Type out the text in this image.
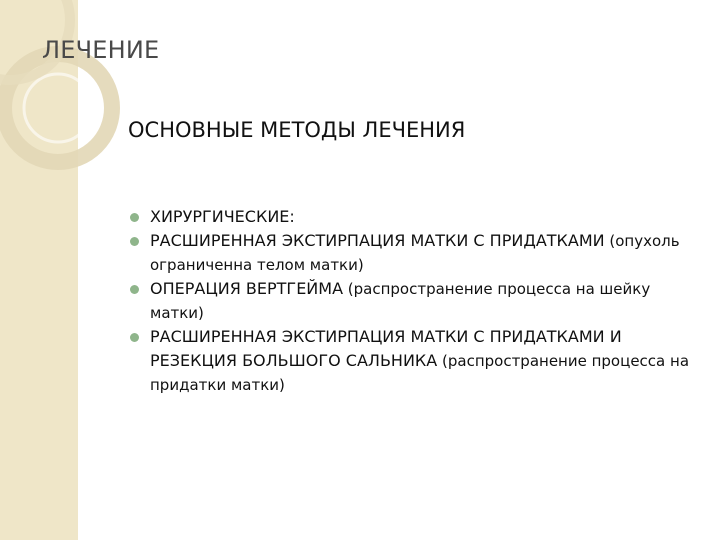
ЛЕЧЕНИЕ
ОСНОВНЫЕ МЕТОДЫ ЛЕЧЕНИЯ
ХИРУРГИЧЕСКИЕ:
РАСШИРЕННАЯ ЭКСТИРПАЦИЯ МАТКИ С ПРИДАТКАМИ (опухоль ограниченна телом матки)
ОПЕРАЦИЯ ВЕРТГЕЙМА (распространение процесса на шейку матки)
РАСШИРЕННАЯ ЭКСТИРПАЦИЯ МАТКИ С ПРИДАТКАМИ И РЕЗЕКЦИЯ БОЛЬШОГО САЛЬНИКА (распространение процесса на придатки матки)
